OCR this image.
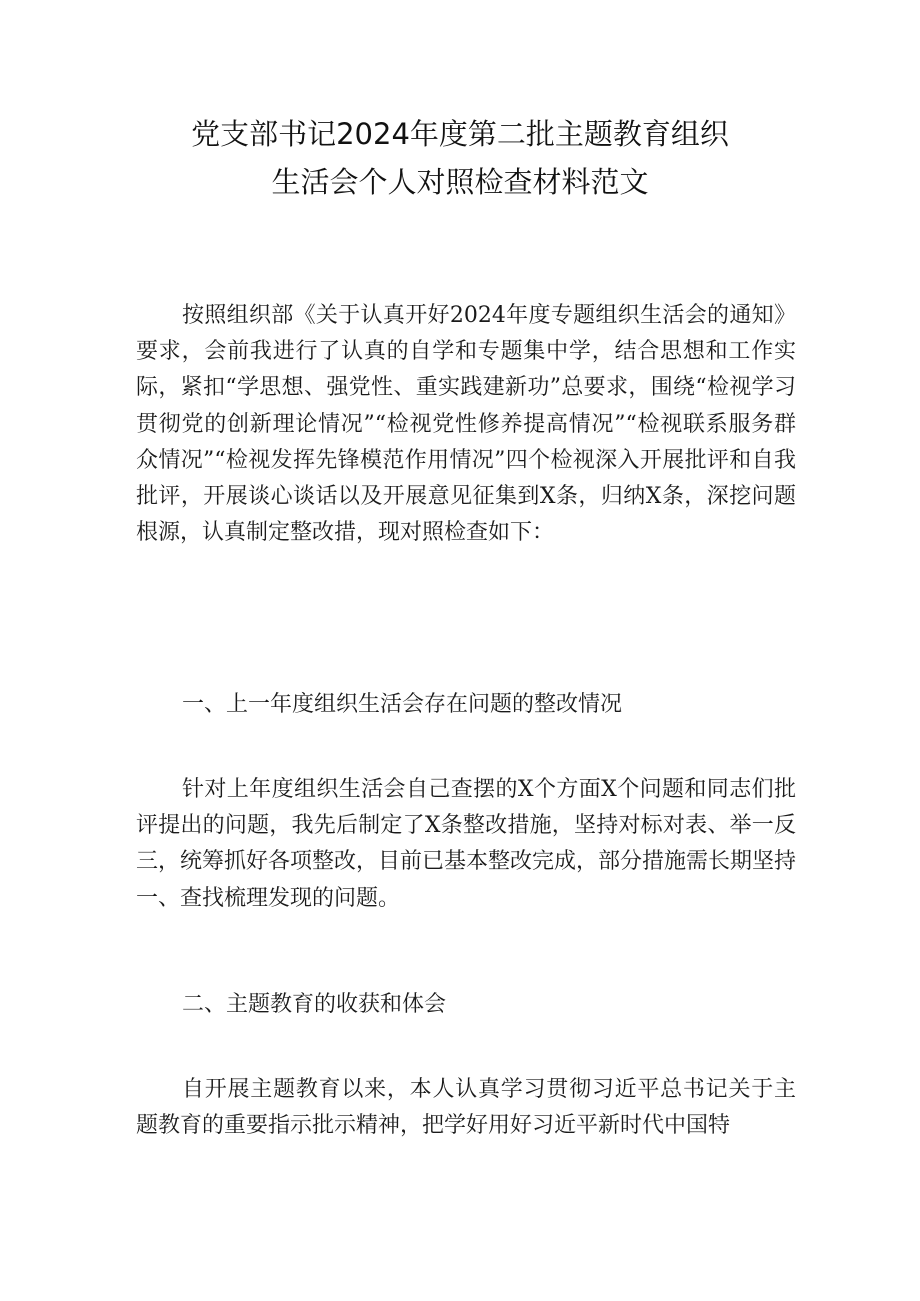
党支部书记2024年度第二批主题教育组织
生活会个人对照检查材料范文

按照组织部《关于认真开好2024年度专题组织生活会的通知》要求，会前我进行了认真的自学和专题集中学，结合思想和工作实际，紧扣“学思想、强党性、重实践建新功”总要求，围绕“检视学习贯彻党的创新理论情况”“检视党性修养提高情况”“检视联系服务群众情况”“检视发挥先锋模范作用情况”四个检视深入开展批评和自我批评，开展谈心谈话以及开展意见征集到X条，归纳X条，深挖问题根源，认真制定整改措，现对照检查如下：

一、上一年度组织生活会存在问题的整改情况

针对上年度组织生活会自己查摆的X个方面X个问题和同志们批评提出的问题，我先后制定了X条整改措施，坚持对标对表、举一反三，统筹抓好各项整改，目前已基本整改完成，部分措施需长期坚持一、查找梳理发现的问题。

二、主题教育的收获和体会

自开展主题教育以来，本人认真学习贯彻习近平总书记关于主题教育的重要指示批示精神，把学好用好习近平新时代中国特
